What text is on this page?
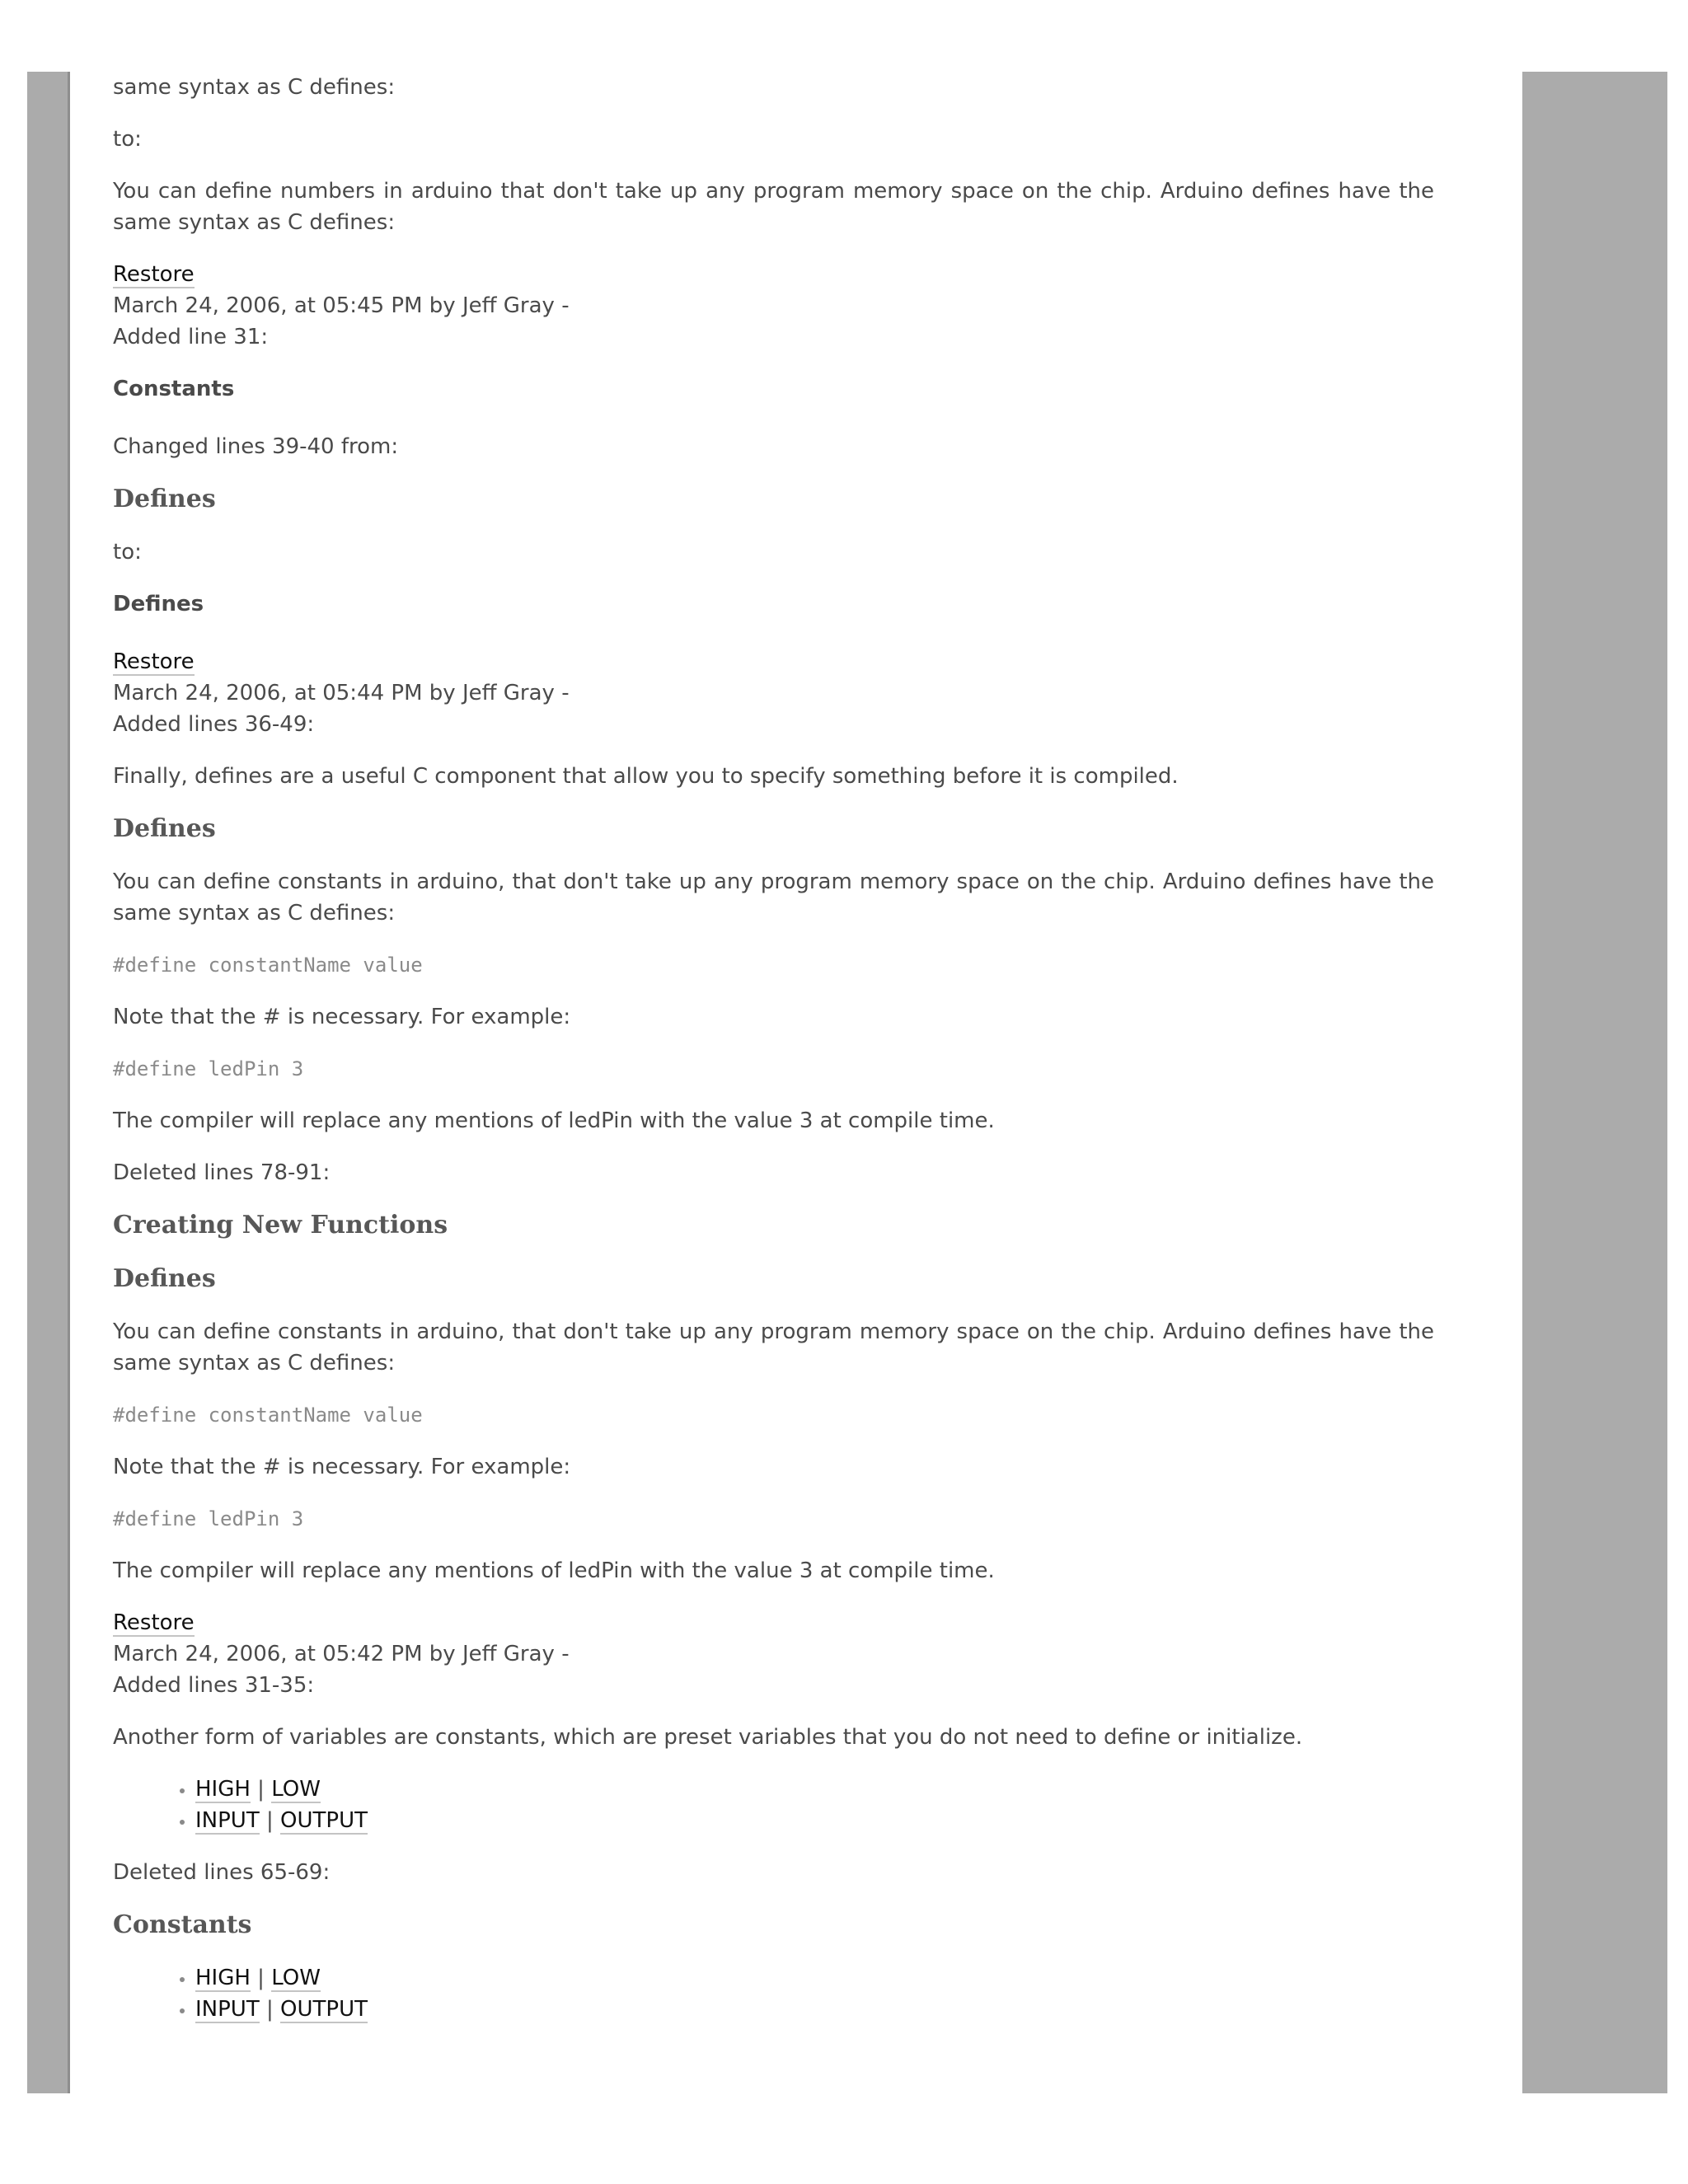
same syntax as C defines:

to:

You can define numbers in arduino that don't take up any program memory space on the chip. Arduino defines have the same syntax as C defines:

Restore
March 24, 2006, at 05:45 PM by Jeff Gray -
Added line 31:
Constants

Changed lines 39-40 from:

Defines

to:

Defines
Restore
March 24, 2006, at 05:44 PM by Jeff Gray -
Added lines 36-49:

Finally, defines are a useful C component that allow you to specify something before it is compiled.

Defines

You can define constants in arduino, that don't take up any program memory space on the chip. Arduino defines have the same syntax as C defines:

#define constantName value

Note that the # is necessary. For example:

#define ledPin 3

The compiler will replace any mentions of ledPin with the value 3 at compile time.

Deleted lines 78-91:

Creating New Functions
Defines

You can define constants in arduino, that don't take up any program memory space on the chip. Arduino defines have the same syntax as C defines:

#define constantName value

Note that the # is necessary. For example:

#define ledPin 3

The compiler will replace any mentions of ledPin with the value 3 at compile time.

Restore
March 24, 2006, at 05:42 PM by Jeff Gray -
Added lines 31-35:

Another form of variables are constants, which are preset variables that you do not need to define or initialize.

• HIGH | LOW
• INPUT | OUTPUT

Deleted lines 65-69:

Constants
• HIGH | LOW
• INPUT | OUTPUT
